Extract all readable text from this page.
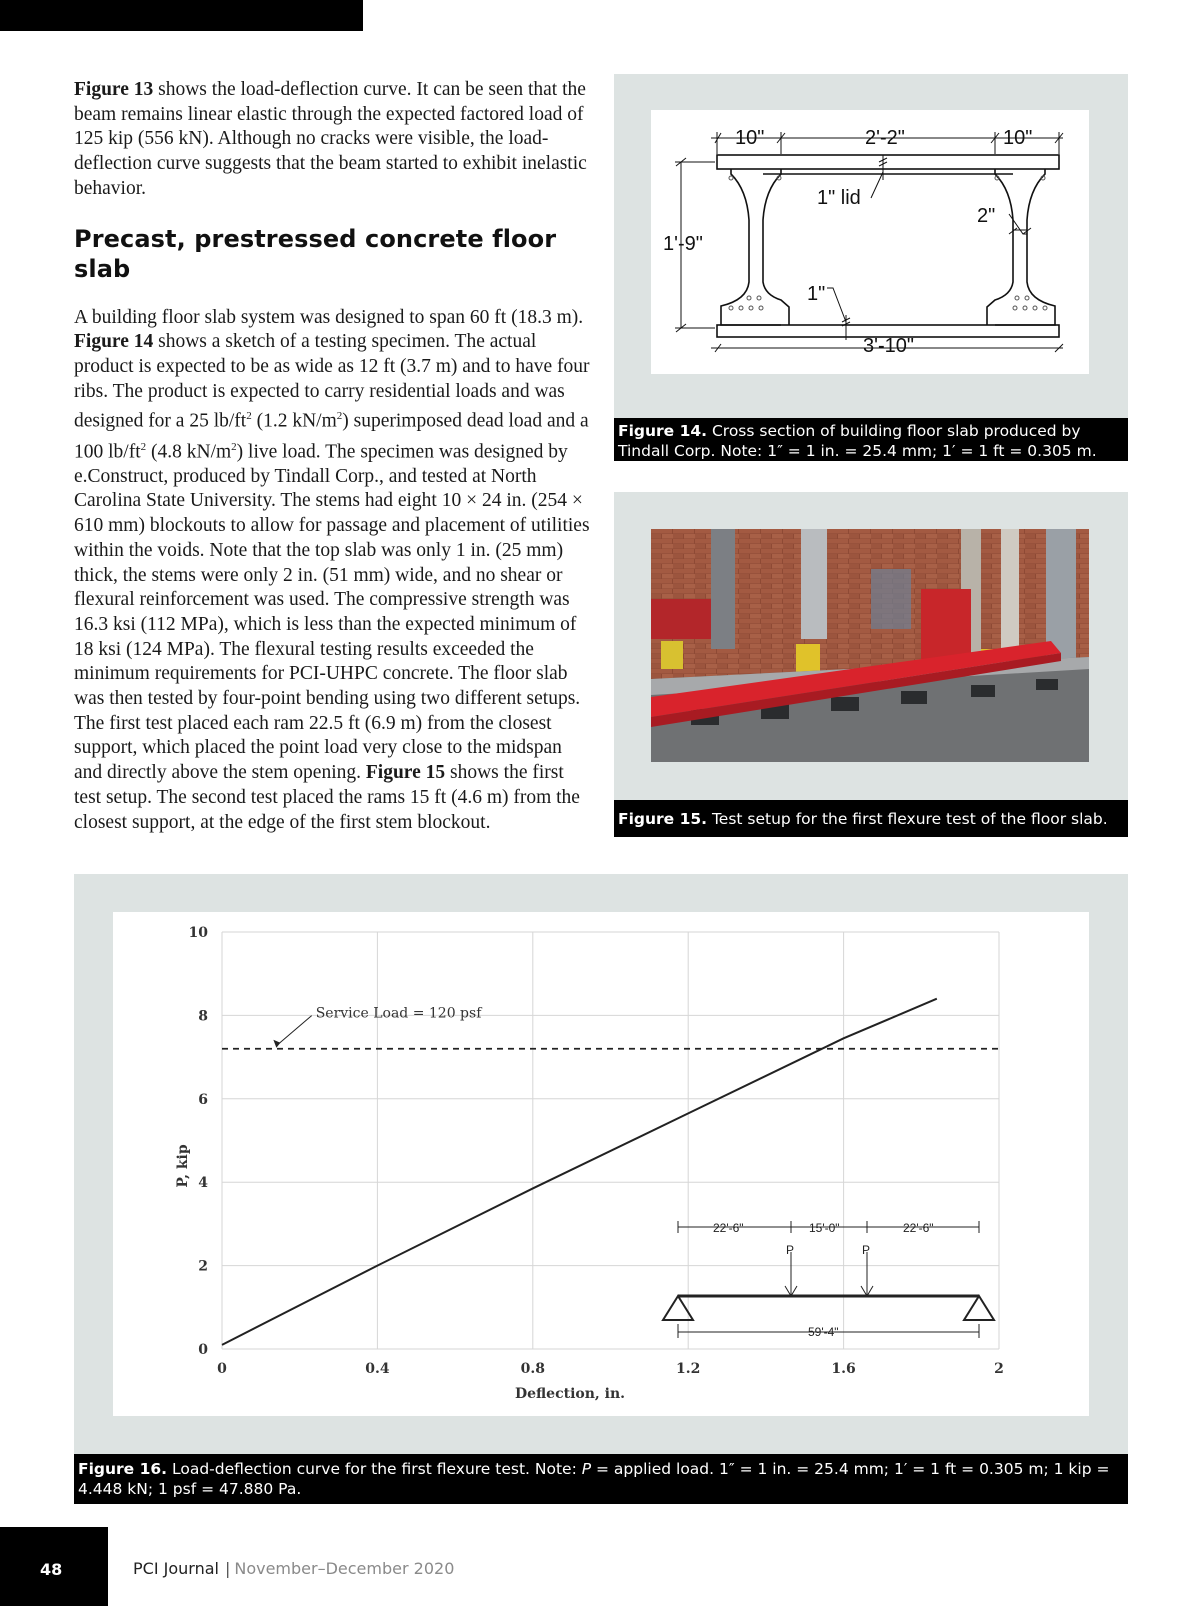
Figure 13 shows the load-deflection curve. It can be seen that the beam remains linear elastic through the expected factored load of 125 kip (556 kN). Although no cracks were visible, the load-deflection curve suggests that the beam started to exhibit inelastic behavior.

Precast, prestressed concrete floor slab

A building floor slab system was designed to span 60 ft (18.3 m). Figure 14 shows a sketch of a testing specimen. The actual product is expected to be as wide as 12 ft (3.7 m) and to have four ribs. The product is expected to carry residential loads and was designed for a 25 $lb/ft^2$ (1.2 $kN/m^2$) superimposed dead load and a 100 $lb/ft^2$ (4.8 $kN/m^2$) live load. The specimen was designed by e.Construct, produced by Tindall Corp., and tested at North Carolina State University. The stems had eight 10 × 24 in. (254 × 610 mm) blockouts to allow for passage and placement of utilities within the voids. Note that the top slab was only 1 in. (25 mm) thick, the stems were only 2 in. (51 mm) wide, and no shear or flexural reinforcement was used. The compressive strength was 16.3 ksi (112 MPa), which is less than the expected minimum of 18 ksi (124 MPa). The flexural testing results exceeded the minimum requirements for PCI-UHPC concrete. The floor slab was then tested by four-point bending using two different setups. The first test placed each ram 22.5 ft (6.9 m) from the closest support, which placed the point load very close to the midspan and directly above the stem opening. Figure 15 shows the first test setup. The second test placed the rams 15 ft (4.6 m) from the closest support, at the edge of the first stem blockout.

10"	2'-2"	10"
1" lid
2"
1'-9"
1"
3'-10"
Figure 14. Cross section of building floor slab produced by Tindall Corp. Note: 1″ = 1 in. = 25.4 mm; 1′ = 1 ft = 0.305 m.
Figure 15. Test setup for the first flexure test of the floor slab.
0	0.4	0.8	1.2	1.6	2
0
2
4
6
8
10
Deflection, in.
P, kip
Service Load = 120 psf
22'-6"	15'-0"	22'-6"
P	P
59'-4"
Figure 16. Load-deflection curve for the first flexure test. Note: P = applied load. 1″ = 1 in. = 25.4 mm; 1′ = 1 ft = 0.305 m; 1 kip = 4.448 kN; 1 psf = 47.880 Pa.
48	PCI Journal | November–December 2020
